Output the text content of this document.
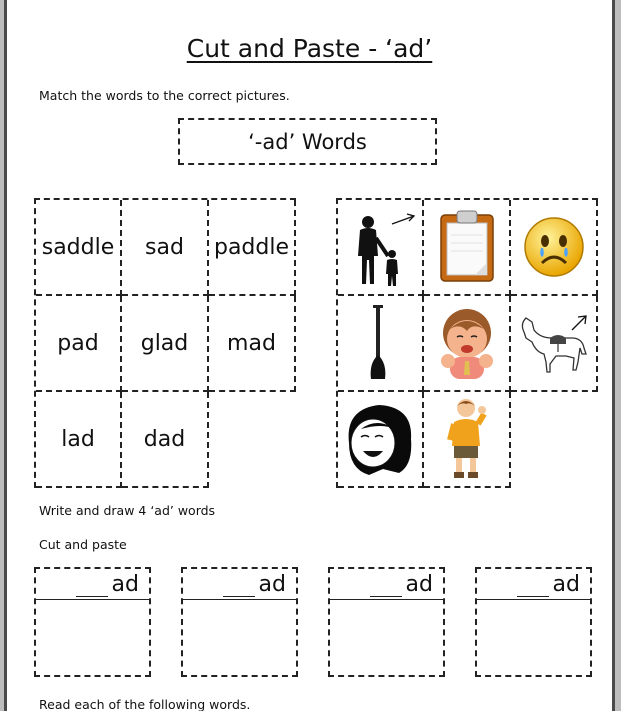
Cut and Paste - ‘ad’
Match the words to the correct pictures.
‘-ad’ Words
saddle	sad	paddle
pad	glad	mad
lad	dad
Write and draw 4 ‘ad’ words
Cut and paste
ad	ad	ad	ad
Read each of the following words.
